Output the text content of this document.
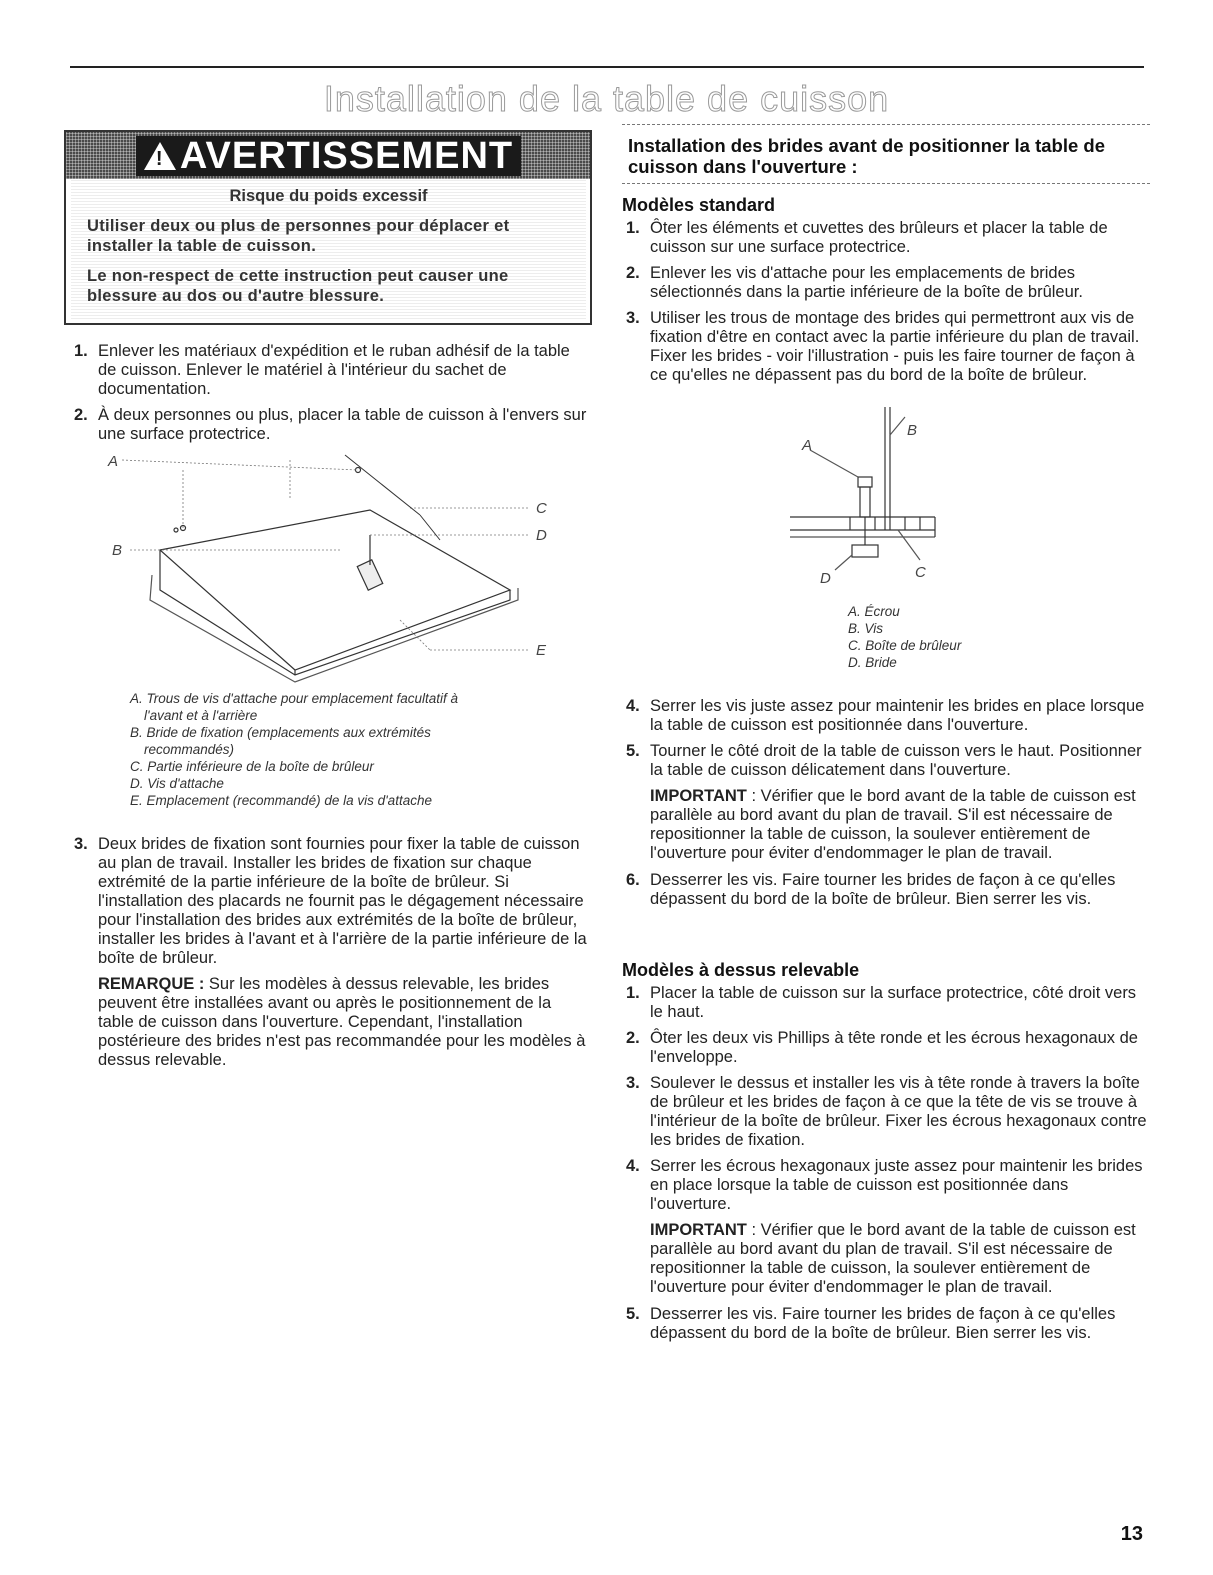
Installation de la table de cuisson
! AVERTISSEMENT
Risque du poids excessif

Utiliser deux ou plus de personnes pour déplacer et installer la table de cuisson.

Le non-respect de cette instruction peut causer une blessure au dos ou d'autre blessure.

1. Enlever les matériaux d'expédition et le ruban adhésif de la table de cuisson. Enlever le matériel à l'intérieur du sachet de documentation.
2. À deux personnes ou plus, placer la table de cuisson à l'envers sur une surface protectrice.
A
B
C
D
E
A. Trous de vis d'attache pour emplacement facultatif à
l'avant et à l'arrière
B. Bride de fixation (emplacements aux extrémités
recommandés)
C. Partie inférieure de la boîte de brûleur
D. Vis d'attache
E. Emplacement (recommandé) de la vis d'attache
3. Deux brides de fixation sont fournies pour fixer la table de cuisson au plan de travail. Installer les brides de fixation sur chaque extrémité de la partie inférieure de la boîte de brûleur. Si l'installation des placards ne fournit pas le dégagement nécessaire pour l'installation des brides aux extrémités de la boîte de brûleur, installer les brides à l'avant et à l'arrière de la partie inférieure de la boîte de brûleur.
REMARQUE : Sur les modèles à dessus relevable, les brides peuvent être installées avant ou après le positionnement de la table de cuisson dans l'ouverture. Cependant, l'installation postérieure des brides n'est pas recommandée pour les modèles à dessus relevable.
Installation des brides avant de positionner la table de cuisson dans l'ouverture :
Modèles standard
1. Ôter les éléments et cuvettes des brûleurs et placer la table de cuisson sur une surface protectrice.
2. Enlever les vis d'attache pour les emplacements de brides sélectionnés dans la partie inférieure de la boîte de brûleur.
3. Utiliser les trous de montage des brides qui permettront aux vis de fixation d'être en contact avec la partie inférieure du plan de travail. Fixer les brides - voir l'illustration - puis les faire tourner de façon à ce qu'elles ne dépassent pas du bord de la boîte de brûleur.
A
B
C
D
A. Écrou
B. Vis
C. Boîte de brûleur
D. Bride
4. Serrer les vis juste assez pour maintenir les brides en place lorsque la table de cuisson est positionnée dans l'ouverture.
5. Tourner le côté droit de la table de cuisson vers le haut. Positionner la table de cuisson délicatement dans l'ouverture.
IMPORTANT : Vérifier que le bord avant de la table de cuisson est parallèle au bord avant du plan de travail. S'il est nécessaire de repositionner la table de cuisson, la soulever entièrement de l'ouverture pour éviter d'endommager le plan de travail.
6. Desserrer les vis. Faire tourner les brides de façon à ce qu'elles dépassent du bord de la boîte de brûleur. Bien serrer les vis.
Modèles à dessus relevable
1. Placer la table de cuisson sur la surface protectrice, côté droit vers le haut.
2. Ôter les deux vis Phillips à tête ronde et les écrous hexagonaux de l'enveloppe.
3. Soulever le dessus et installer les vis à tête ronde à travers la boîte de brûleur et les brides de façon à ce que la tête de vis se trouve à l'intérieur de la boîte de brûleur. Fixer les écrous hexagonaux contre les brides de fixation.
4. Serrer les écrous hexagonaux juste assez pour maintenir les brides en place lorsque la table de cuisson est positionnée dans l'ouverture.
IMPORTANT : Vérifier que le bord avant de la table de cuisson est parallèle au bord avant du plan de travail. S'il est nécessaire de repositionner la table de cuisson, la soulever entièrement de l'ouverture pour éviter d'endommager le plan de travail.
5. Desserrer les vis. Faire tourner les brides de façon à ce qu'elles dépassent du bord de la boîte de brûleur. Bien serrer les vis.
13
